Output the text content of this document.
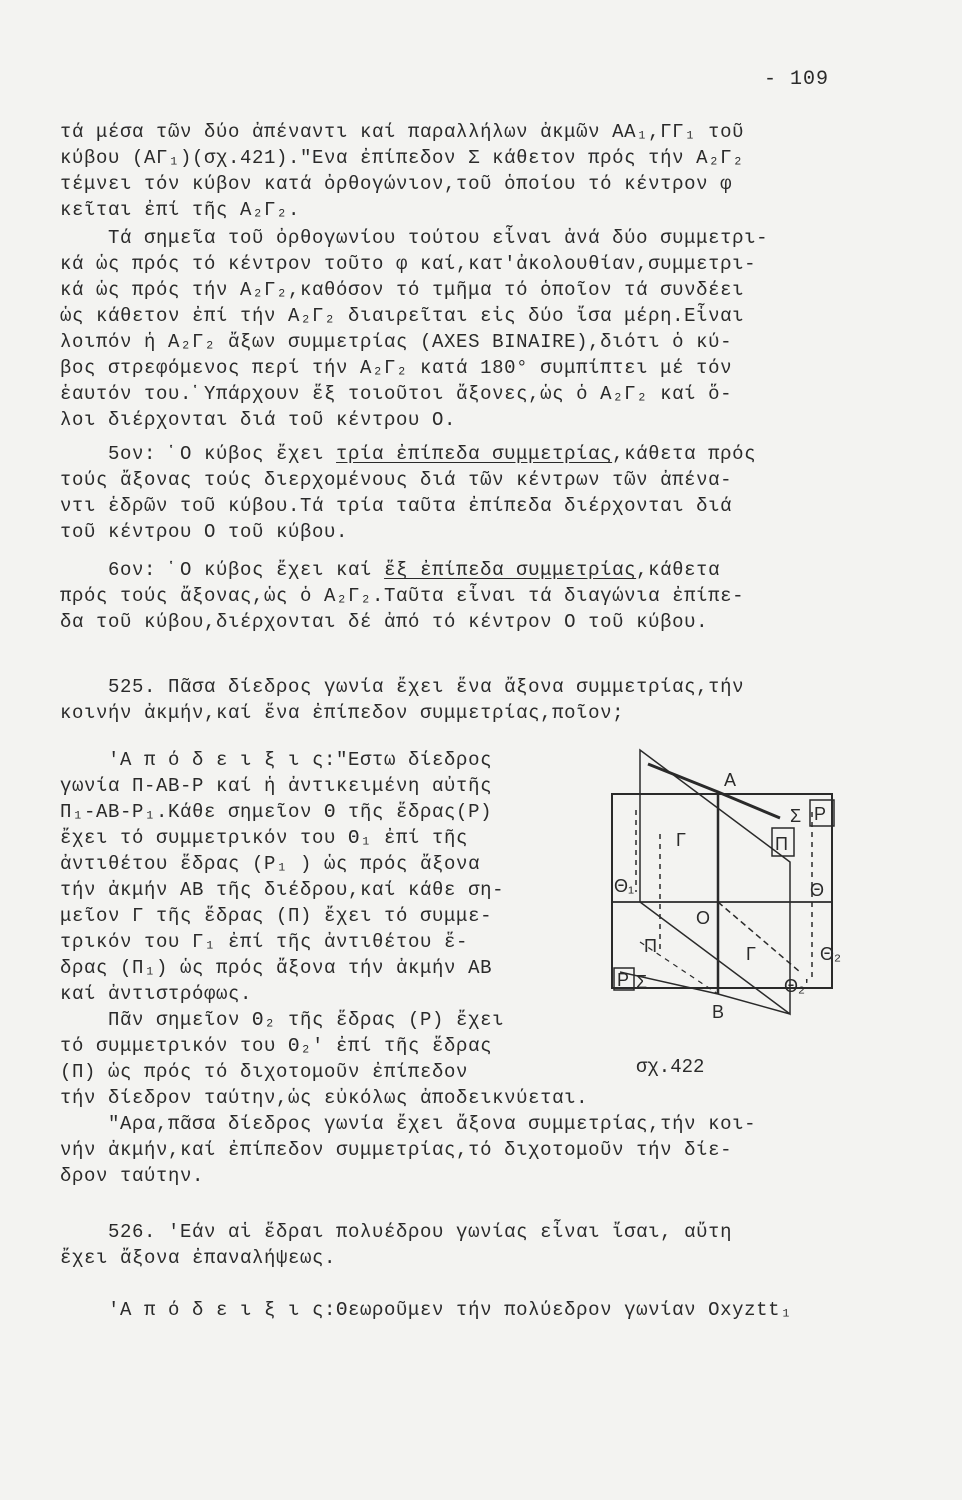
- 109
τά μέσα τῶν δύο ἀπέναντι καί παραλλήλων ἀκμῶν ΑΑ₁,ΓΓ₁ τοῦ
κύβου (ΑΓ₁)(σχ.421)."Ενα ἐπίπεδον Σ κάθετον πρός τήν Α₂Γ₂
τέμνει τόν κύβον κατά ὀρθογώνιον,τοῦ ὁποίου τό κέντρον φ
κεῖται ἐπί τῆς Α₂Γ₂.
Τά σημεῖα τοῦ ὀρθογωνίου τούτου εἶναι ἀνά δύο συμμετρι-
κά ὡς πρός τό κέντρον τοῦτο φ καί,κατ'ἀκολουθίαν,συμμετρι-
κά ὡς πρός τήν Α₂Γ₂,καθόσον τό τμῆμα τό ὁποῖον τά συνδέει
ὡς κάθετον ἐπί τήν Α₂Γ₂ διαιρεῖται εἰς δύο ἴσα μέρη.Εἶναι
λοιπόν ἡ Α₂Γ₂ ἄξων συμμετρίας (AXES BINAIRE),διότι ὁ κύ-
βος στρεφόμενος περί τήν Α₂Γ₂ κατά 180° συμπίπτει μέ τόν
ἑαυτόν του.῾Υπάρχουν ἕξ τοιοῦτοι ἄξονες,ὡς ὁ Α₂Γ₂ καί ὅ-
λοι διέρχονται διά τοῦ κέντρου Ο.
5ον: ῾Ο κύβος ἔχει τρία ἐπίπεδα συμμετρίας,κάθετα πρός
τούς ἄξονας τούς διερχομένους διά τῶν κέντρων τῶν ἀπένα-
ντι ἑδρῶν τοῦ κύβου.Τά τρία ταῦτα ἐπίπεδα διέρχονται διά
τοῦ κέντρου Ο τοῦ κύβου.
6ον: ῾Ο κύβος ἔχει καί ἕξ ἐπίπεδα συμμετρίας,κάθετα
πρός τούς ἄξονας,ὡς ὁ Α₂Γ₂.Ταῦτα εἶναι τά διαγώνια ἐπίπε-
δα τοῦ κύβου,διέρχονται δέ ἀπό τό κέντρον Ο τοῦ κύβου.
525. Πᾶσα δίεδρος γωνία ἔχει ἕνα ἄξονα συμμετρίας,τήν
κοινήν ἀκμήν,καί ἕνα ἐπίπεδον συμμετρίας,ποῖον;
'Α π ό δ ε ι ξ ι ς:"Εστω δίεδρος
γωνία Π-ΑΒ-Ρ καί ἡ ἀντικειμένη αὐτῆς
Π₁-ΑΒ-Ρ₁.Κάθε σημεῖον Θ τῆς ἕδρας(Ρ)
ἔχει τό συμμετρικόν του Θ₁ ἐπί τῆς
ἀντιθέτου ἕδρας (Ρ₁ ) ὡς πρός ἄξονα
τήν ἀκμήν ΑΒ τῆς διέδρου,καί κάθε ση-
μεῖον Γ τῆς ἕδρας (Π) ἔχει τό συμμε-
τρικόν του Γ₁ ἐπί τῆς ἀντιθέτου ἕ-
δρας (Π₁) ὡς πρός ἄξονα τήν ἀκμήν ΑΒ
καί ἀντιστρόφως.
Πᾶν σημεῖον Θ₂ τῆς ἕδρας (Ρ) ἔχει
τό συμμετρικόν του Θ₂' ἐπί τῆς ἕδρας
(Π) ὡς πρός τό διχοτομοῦν ἐπίπεδον
τήν δίεδρον ταύτην,ὡς εὐκόλως ἀποδεικνύεται.
"Αρα,πᾶσα δίεδρος γωνία ἔχει ἄξονα συμμετρίας,τήν κοι-
νήν ἀκμήν,καί ἐπίπεδον συμμετρίας,τό διχοτομοῦν τήν δίε-
δρον ταύτην.
A
B
O
Γ
Γ
Σ
Σ
P
P
Π
Π
Θ
Θ₁
Θ₂
Θ₂'
σχ.422
526. 'Εάν αἱ ἕδραι πολυέδρου γωνίας εἶναι ἴσαι, αὔτη
ἔχει ἄξονα ἐπαναλήψεως.
'Α π ό δ ε ι ξ ι ς:Θεωροῦμεν τήν πολύεδρον γωνίαν Oxyztt₁
